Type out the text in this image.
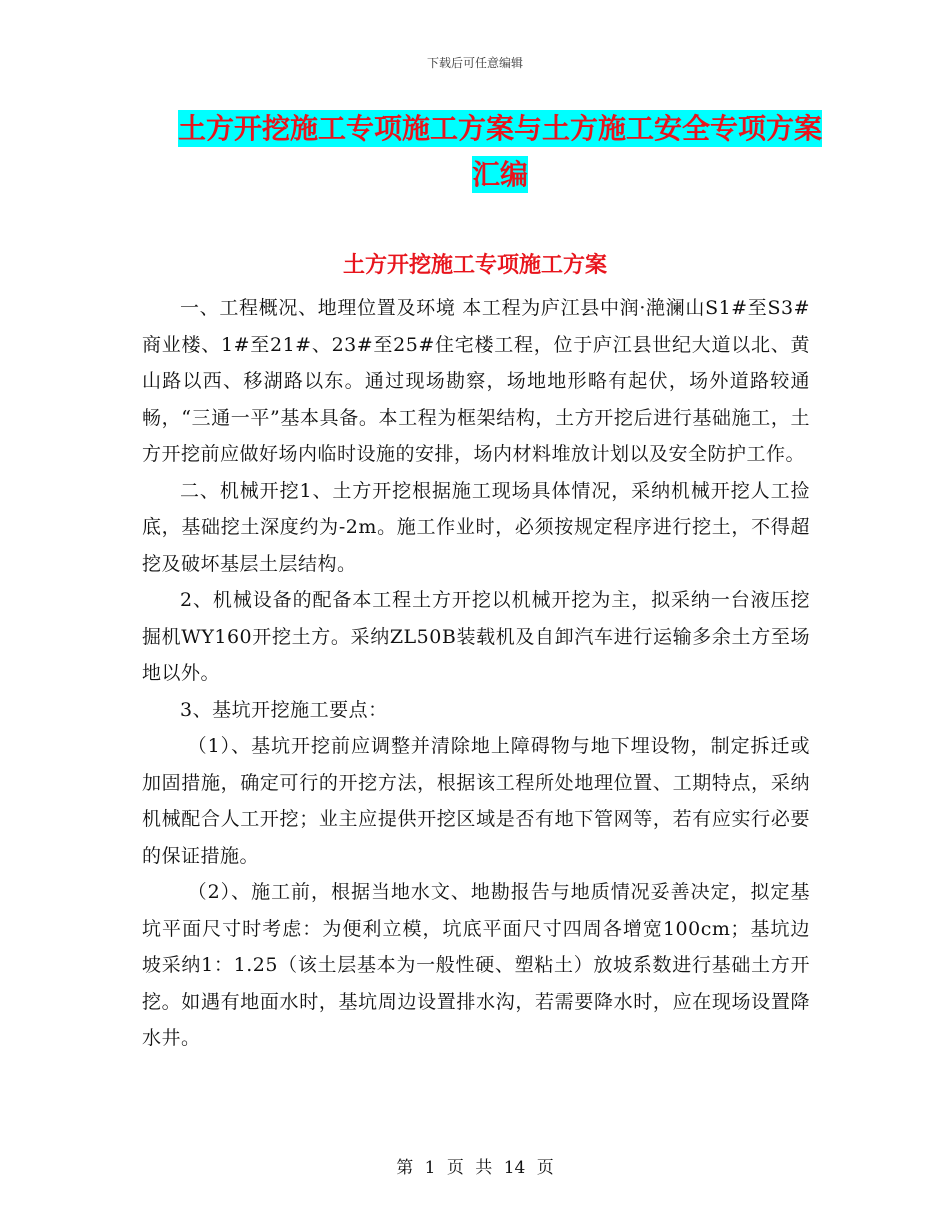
下载后可任意编辑
土方开挖施工专项施工方案与土方施工安全专项方案
汇编
土方开挖施工专项施工方案

一、工程概况、地理位置及环境 本工程为庐江县中润·滟澜山S1#至S3#商业楼、1#至21#、23#至25#住宅楼工程，位于庐江县世纪大道以北、黄山路以西、移湖路以东。通过现场勘察，场地地形略有起伏，场外道路较通畅，“三通一平”基本具备。本工程为框架结构，土方开挖后进行基础施工，土方开挖前应做好场内临时设施的安排，场内材料堆放计划以及安全防护工作。

二、机械开挖1、土方开挖根据施工现场具体情况，采纳机械开挖人工捡底，基础挖土深度约为-2m。施工作业时，必须按规定程序进行挖土，不得超挖及破坏基层土层结构。

2、机械设备的配备本工程土方开挖以机械开挖为主，拟采纳一台液压挖掘机WY160开挖土方。采纳ZL50B装载机及自卸汽车进行运输多余土方至场地以外。

3、基坑开挖施工要点：

（1）、基坑开挖前应调整并清除地上障碍物与地下埋设物，制定拆迁或加固措施，确定可行的开挖方法，根据该工程所处地理位置、工期特点，采纳机械配合人工开挖；业主应提供开挖区域是否有地下管网等，若有应实行必要的保证措施。

（2）、施工前，根据当地水文、地勘报告与地质情况妥善决定，拟定基坑平面尺寸时考虑：为便利立模，坑底平面尺寸四周各增宽100cm；基坑边坡采纳1：1.25（该土层基本为一般性硬、塑粘土）放坡系数进行基础土方开挖。如遇有地面水时，基坑周边设置排水沟，若需要降水时，应在现场设置降水井。

第 1 页 共 14 页
